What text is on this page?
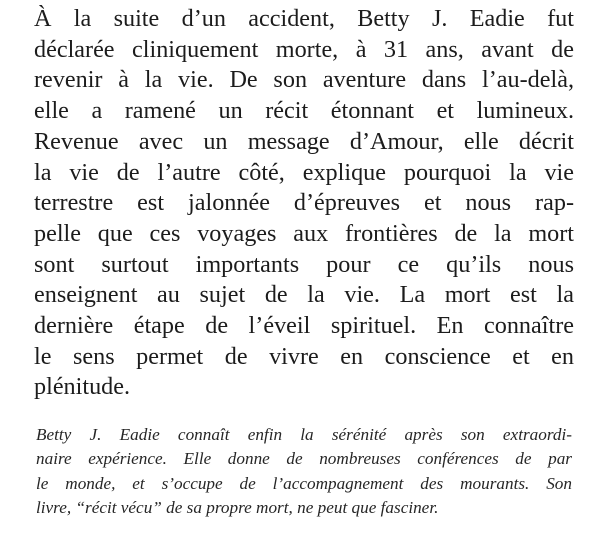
À la suite d’un accident, Betty J. Eadie fut
déclarée cliniquement morte, à 31 ans, avant de
revenir à la vie. De son aventure dans l’au-delà,
elle a ramené un récit étonnant et lumineux.
Revenue avec un message d’Amour, elle décrit
la vie de l’autre côté, explique pourquoi la vie
terrestre est jalonnée d’épreuves et nous rap-
pelle que ces voyages aux frontières de la mort
sont surtout importants pour ce qu’ils nous
enseignent au sujet de la vie. La mort est la
dernière étape de l’éveil spirituel. En connaître
le sens permet de vivre en conscience et en
plénitude.
Betty J. Eadie connaît enfin la sérénité après son extraordi-
naire expérience. Elle donne de nombreuses conférences de par
le monde, et s’occupe de l’accompagnement des mourants. Son
livre, “récit vécu” de sa propre mort, ne peut que fasciner.
